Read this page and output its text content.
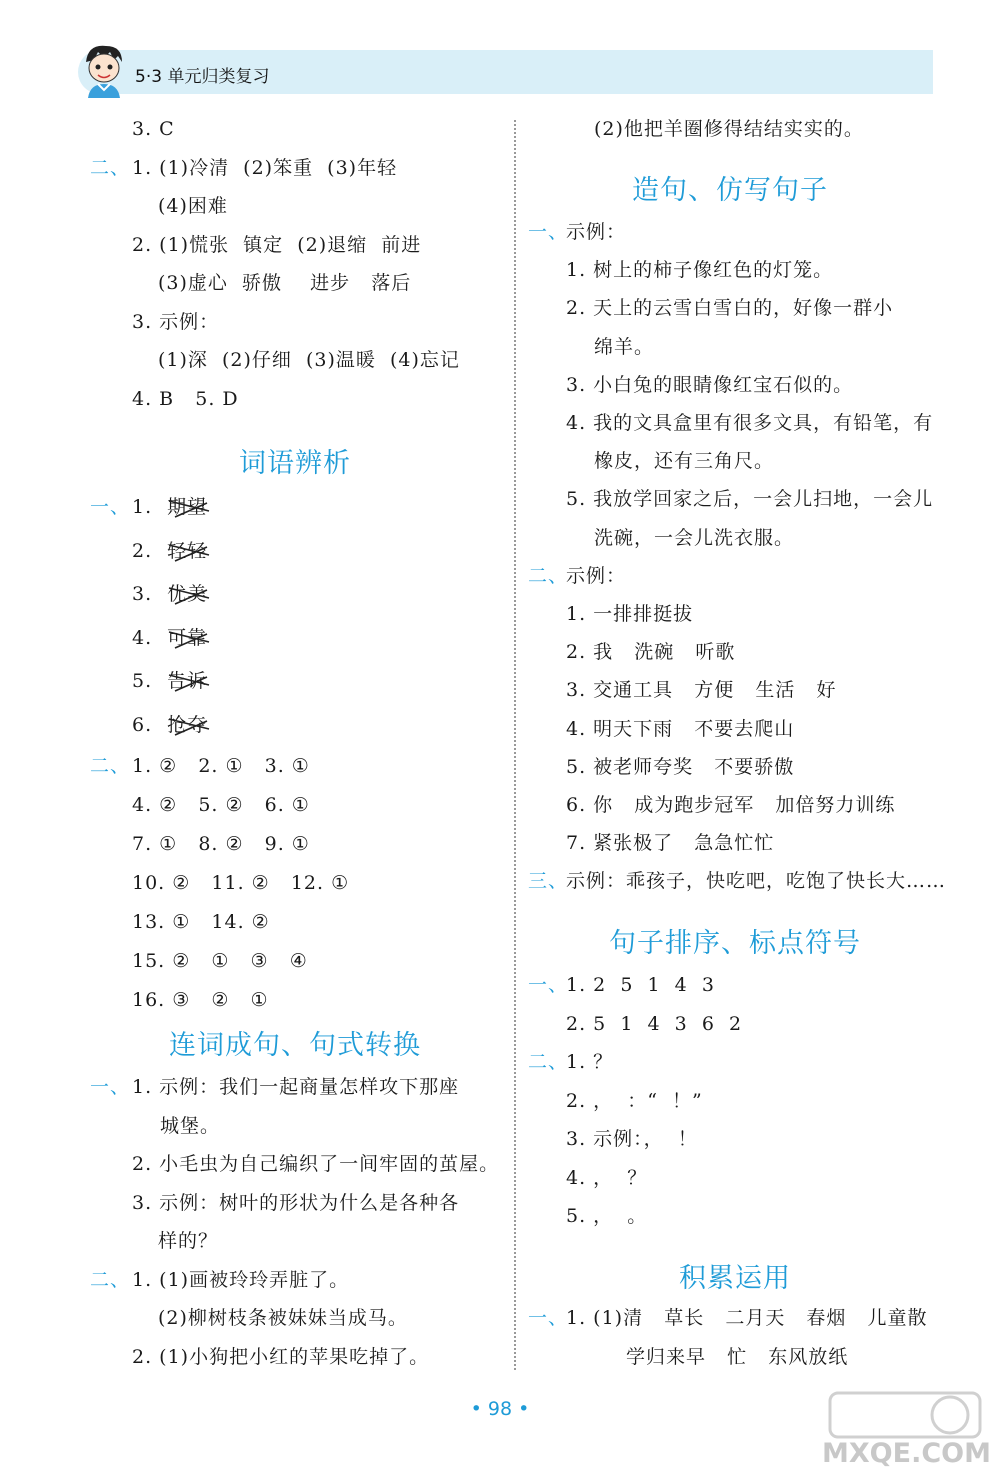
5·3 单元归类复习
3. C
二、 1. (1)冷清  (2)笨重  (3)年轻
(4)困难
2. (1)慌张  镇定  (2)退缩  前进
(3)虚心  骄傲    进步   落后
3. 示例：
(1)深  (2)仔细  (3)温暖  (4)忘记
4. B   5. D
词语辨析
一、 1. 期望
2. 轻轻
3. 优美
4. 可靠
5. 告诉
6. 抢夺
二、 1. ②   2. ①   3. ①
4. ②   5. ②   6. ①
7. ①   8. ②   9. ①
10. ②   11. ②   12. ①
13. ①   14. ②
15. ②   ①   ③   ④
16. ③   ②   ①
连词成句、句式转换
一、 1. 示例：我们一起商量怎样攻下那座
城堡。
2. 小毛虫为自己编织了一间牢固的茧屋。
3. 示例：树叶的形状为什么是各种各
样的？
二、 1. (1)画被玲玲弄脏了。
(2)柳树枝条被妹妹当成马。
2. (1)小狗把小红的苹果吃掉了。
(2)他把羊圈修得结结实实的。
造句、仿写句子
一、
示例：
1. 树上的柿子像红色的灯笼。
2. 天上的云雪白雪白的，好像一群小
绵羊。
3. 小白兔的眼睛像红宝石似的。
4. 我的文具盒里有很多文具，有铅笔，有
橡皮，还有三角尺。
5. 我放学回家之后，一会儿扫地，一会儿
洗碗，一会儿洗衣服。
二、
示例：
1. 一排排挺拔
2. 我   洗碗   听歌
3. 交通工具   方便   生活   好
4. 明天下雨   不要去爬山
5. 被老师夸奖   不要骄傲
6. 你   成为跑步冠军   加倍努力训练
7. 紧张极了   急急忙忙
三、
示例：乖孩子，快吃吧，吃饱了快长大……
句子排序、标点符号
一、
1. 2  5  1  4  3
2. 5  1  4  3  6  2
二、
1. ？
2. ，  ：“  ！”
3. 示例：，  ！
4. ，  ？
5. ，  。
积累运用
一、
1. (1)清   草长   二月天   春烟   儿童散
学归来早   忙   东风放纸
• 98 •
MXQE.COM
